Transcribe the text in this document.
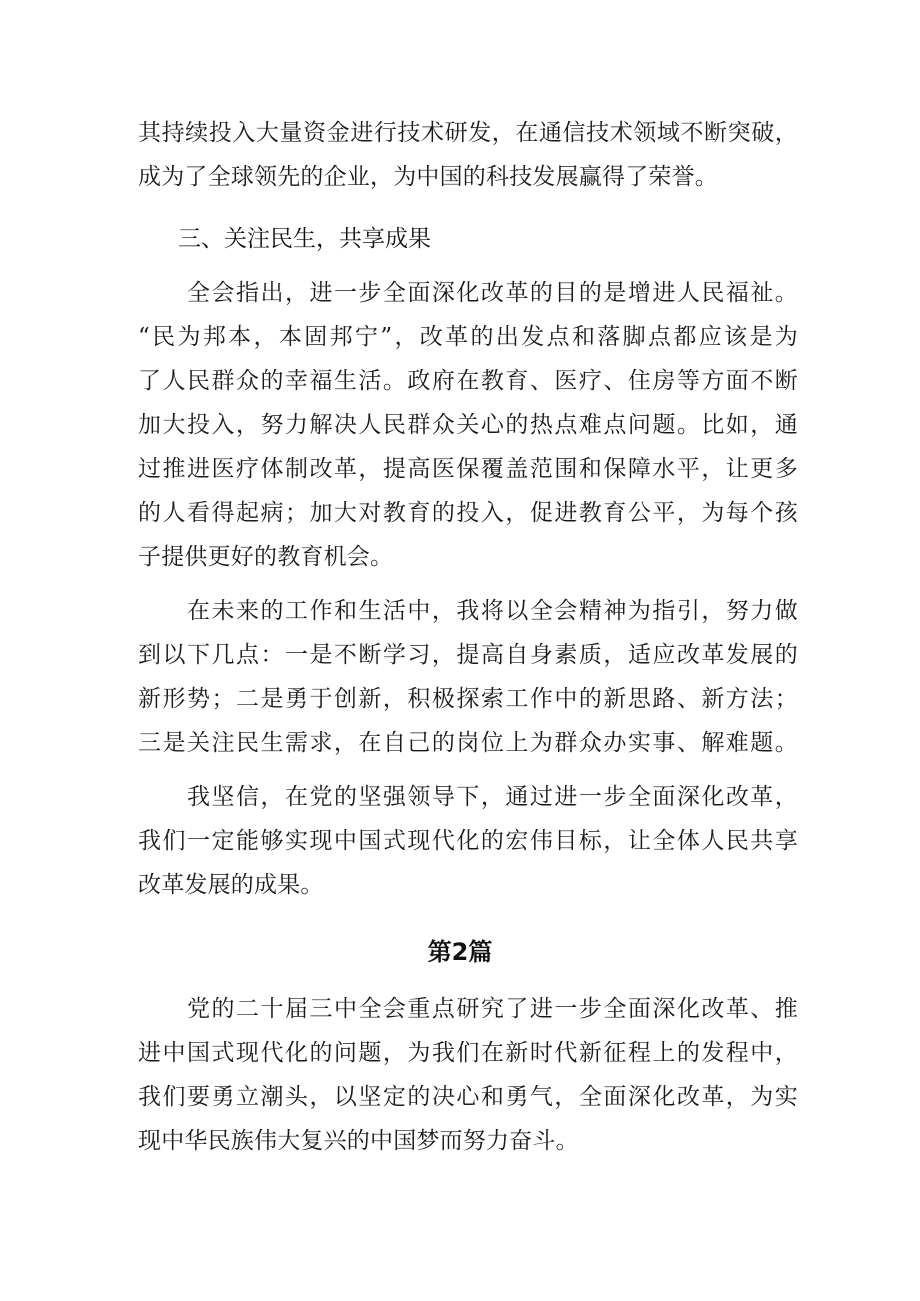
其持续投入大量资金进行技术研发，在通信技术领域不断突破，
成为了全球领先的企业，为中国的科技发展赢得了荣誉。
三、关注民生，共享成果
全会指出，进一步全面深化改革的目的是增进人民福祉。
“民为邦本，本固邦宁”，改革的出发点和落脚点都应该是为
了人民群众的幸福生活。政府在教育、医疗、住房等方面不断
加大投入，努力解决人民群众关心的热点难点问题。比如，通
过推进医疗体制改革，提高医保覆盖范围和保障水平，让更多
的人看得起病；加大对教育的投入，促进教育公平，为每个孩
子提供更好的教育机会。
在未来的工作和生活中，我将以全会精神为指引，努力做
到以下几点：一是不断学习，提高自身素质，适应改革发展的
新形势；二是勇于创新，积极探索工作中的新思路、新方法；
三是关注民生需求，在自己的岗位上为群众办实事、解难题。
我坚信，在党的坚强领导下，通过进一步全面深化改革，
我们一定能够实现中国式现代化的宏伟目标，让全体人民共享
改革发展的成果。
第2篇
党的二十届三中全会重点研究了进一步全面深化改革、推
进中国式现代化的问题，为我们在新时代新征程上的发程中，
我们要勇立潮头，以坚定的决心和勇气，全面深化改革，为实
现中华民族伟大复兴的中国梦而努力奋斗。
